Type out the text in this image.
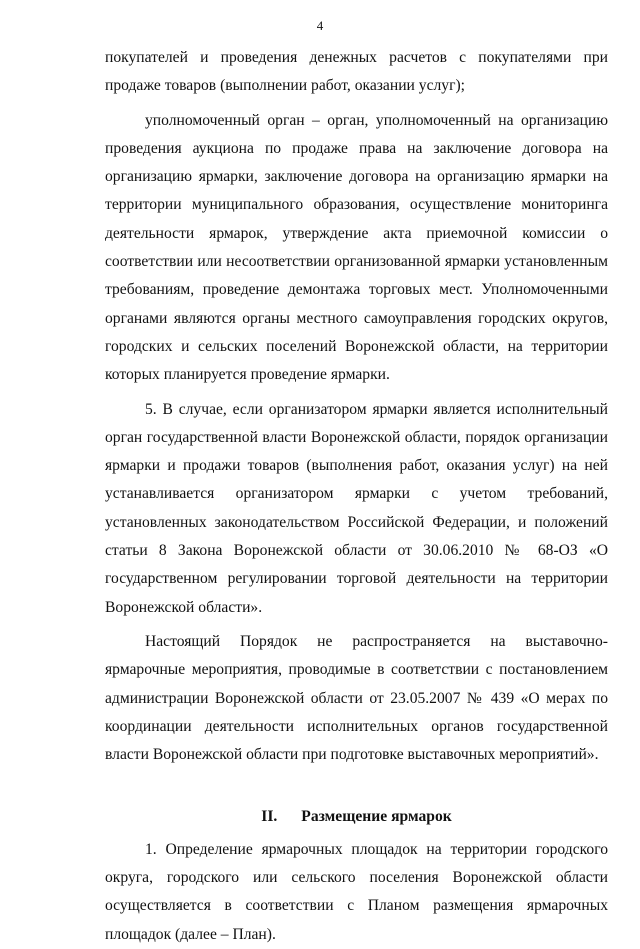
4

покупателей и проведения денежных расчетов с покупателями при продаже товаров (выполнении работ, оказании услуг);

уполномоченный орган – орган, уполномоченный на организацию проведения аукциона по продаже права на заключение договора на организацию ярмарки, заключение договора на организацию ярмарки на территории муниципального образования, осуществление мониторинга деятельности ярмарок, утверждение акта приемочной комиссии о соответствии или несоответствии организованной ярмарки установленным требованиям, проведение демонтажа торговых мест. Уполномоченными органами являются органы местного самоуправления городских округов, городских и сельских поселений Воронежской области, на территории которых планируется проведение ярмарки.

5. В случае, если организатором ярмарки является исполнительный орган государственной власти Воронежской области, порядок организации ярмарки и продажи товаров (выполнения работ, оказания услуг) на ней устанавливается организатором ярмарки с учетом требований, установленных законодательством Российской Федерации, и положений статьи 8 Закона Воронежской области от 30.06.2010 № 68-ОЗ «О государственном регулировании торговой деятельности на территории Воронежской области».

Настоящий Порядок не распространяется на выставочно-ярмарочные мероприятия, проводимые в соответствии с постановлением администрации Воронежской области от 23.05.2007 № 439 «О мерах по координации деятельности исполнительных органов государственной власти Воронежской области при подготовке выставочных мероприятий».

II. Размещение ярмарок

1. Определение ярмарочных площадок на территории городского округа, городского или сельского поселения Воронежской области осуществляется в соответствии с Планом размещения ярмарочных площадок (далее – План).
